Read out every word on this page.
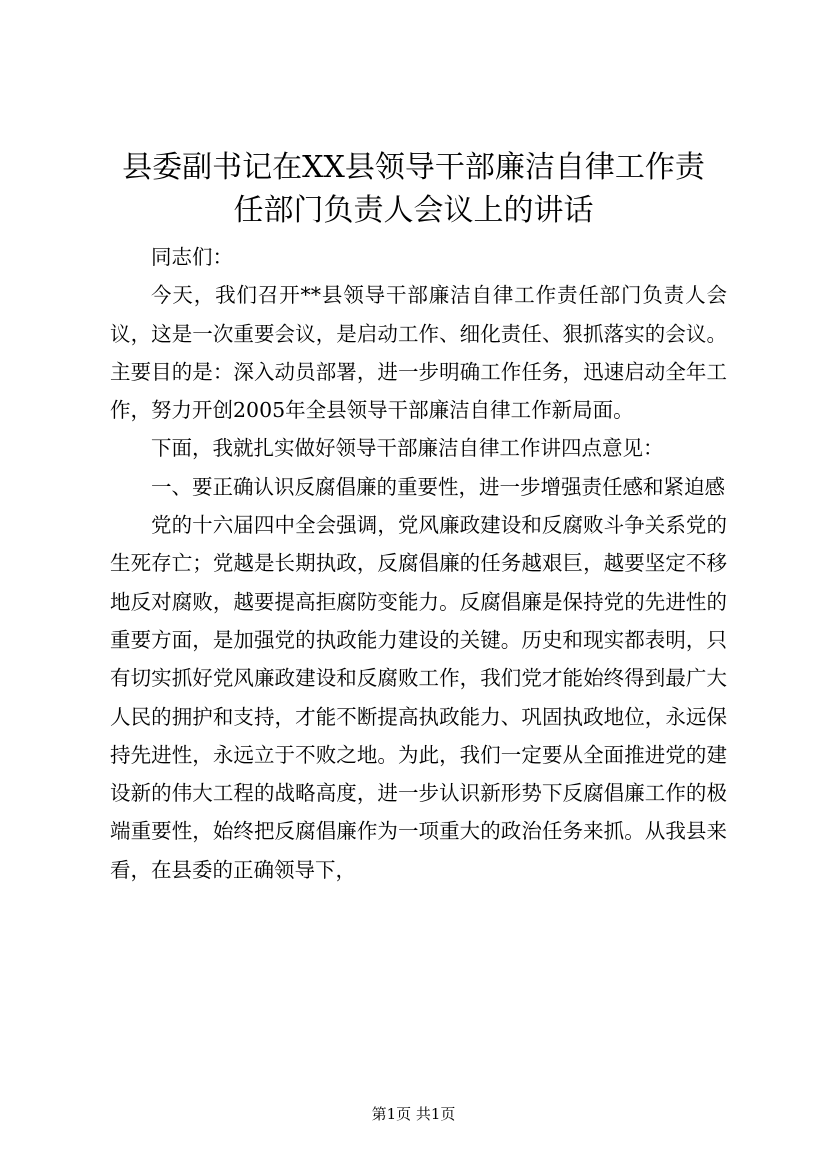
县委副书记在XX县领导干部廉洁自律工作责
任部门负责人会议上的讲话

同志们：

今天，我们召开**县领导干部廉洁自律工作责任部门负责人会议，这是一次重要会议，是启动工作、细化责任、狠抓落实的会议。主要目的是：深入动员部署，进一步明确工作任务，迅速启动全年工作，努力开创2005年全县领导干部廉洁自律工作新局面。

下面，我就扎实做好领导干部廉洁自律工作讲四点意见：

一、要正确认识反腐倡廉的重要性，进一步增强责任感和紧迫感

党的十六届四中全会强调，党风廉政建设和反腐败斗争关系党的生死存亡；党越是长期执政，反腐倡廉的任务越艰巨，越要坚定不移地反对腐败，越要提高拒腐防变能力。反腐倡廉是保持党的先进性的重要方面，是加强党的执政能力建设的关键。历史和现实都表明，只有切实抓好党风廉政建设和反腐败工作，我们党才能始终得到最广大人民的拥护和支持，才能不断提高执政能力、巩固执政地位，永远保持先进性，永远立于不败之地。为此，我们一定要从全面推进党的建设新的伟大工程的战略高度，进一步认识新形势下反腐倡廉工作的极端重要性，始终把反腐倡廉作为一项重大的政治任务来抓。从我县来看，在县委的正确领导下，

第1页 共1页
